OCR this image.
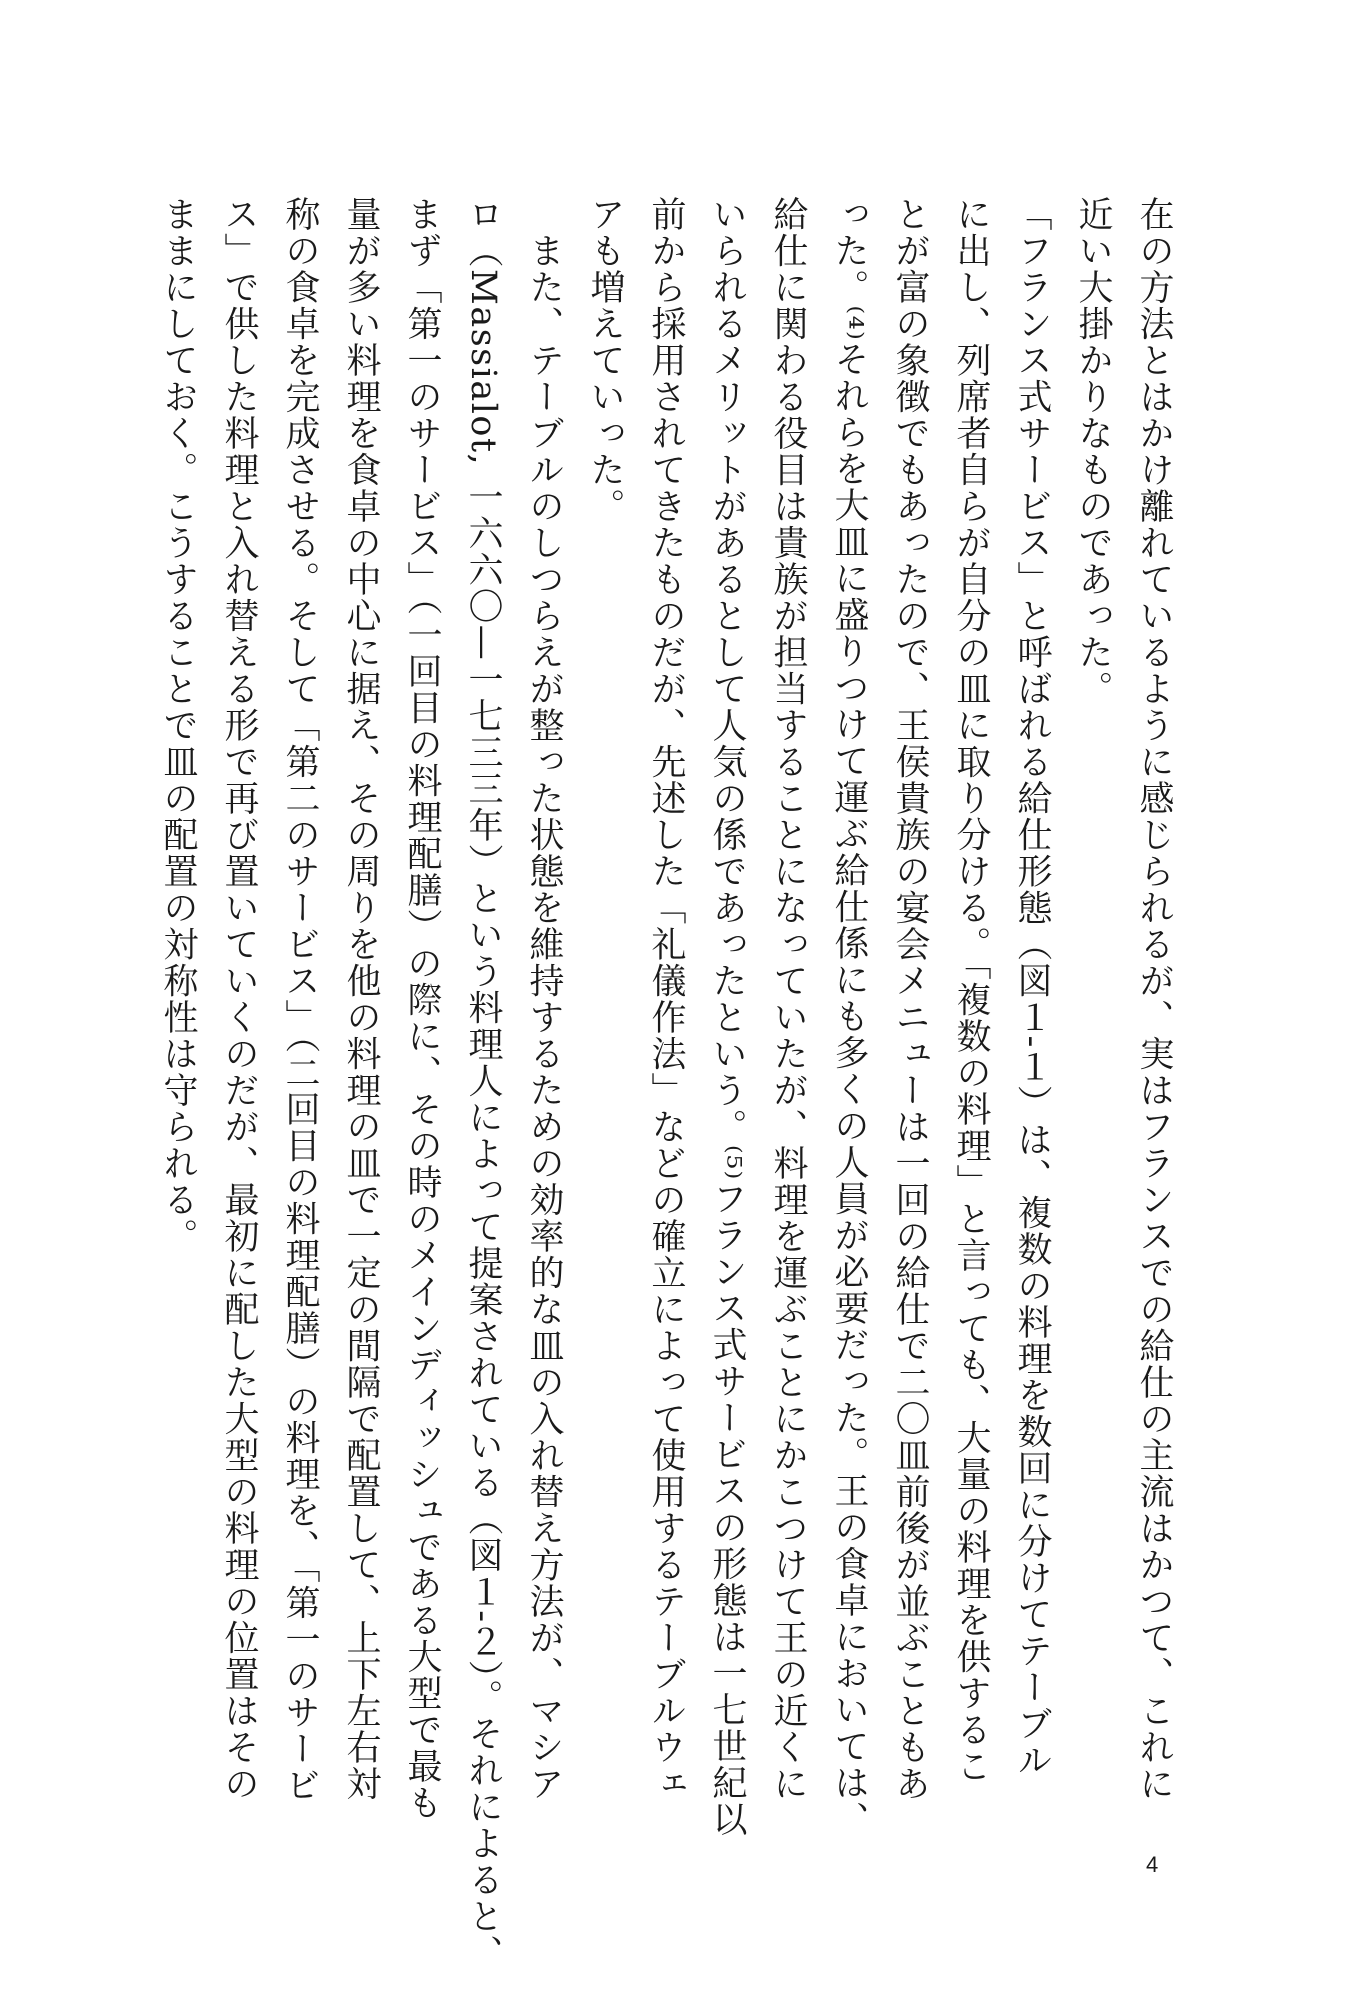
在の方法とはかけ離れているように感じられるが、実はフランスでの給仕の主流はかつて、これに
近い大掛かりなものであった。
「フランス式サービス」と呼ばれる給仕形態（図１‐１）は、複数の料理を数回に分けてテーブル
に出し、列席者自らが自分の皿に取り分ける。「複数の料理」と言っても、大量の料理を供するこ
とが富の象徴でもあったので、王侯貴族の宴会メニューは一回の給仕で二〇皿前後が並ぶこともあ
った。⁽⁴⁾それらを大皿に盛りつけて運ぶ給仕係にも多くの人員が必要だった。王の食卓においては、
給仕に関わる役目は貴族が担当することになっていたが、料理を運ぶことにかこつけて王の近くに
いられるメリットがあるとして人気の係であったという。⁽⁵⁾フランス式サービスの形態は一七世紀以
前から採用されてきたものだが、先述した「礼儀作法」などの確立によって使用するテーブルウェ
アも増えていった。
　また、テーブルのしつらえが整った状態を維持するための効率的な皿の入れ替え方法が、マシア
ロ（Massialot, 一六六〇—一七三三年）という料理人によって提案されている（図１‐２）。それによると、
まず「第一のサービス」（一回目の料理配膳）の際に、その時のメインディッシュである大型で最も
量が多い料理を食卓の中心に据え、その周りを他の料理の皿で一定の間隔で配置して、上下左右対
称の食卓を完成させる。そして「第二のサービス」（二回目の料理配膳）の料理を、「第一のサービ
ス」で供した料理と入れ替える形で再び置いていくのだが、最初に配した大型の料理の位置はその
ままにしておく。こうすることで皿の配置の対称性は守られる。
4
